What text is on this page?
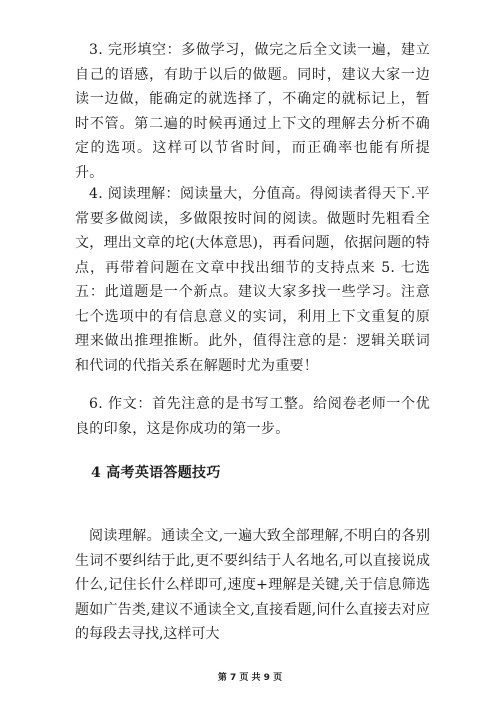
3. 完形填空：多做学习，做完之后全文读一遍，建立自己的语感，有助于以后的做题。同时，建议大家一边读一边做，能确定的就选择了，不确定的就标记上，暂时不管。第二遍的时候再通过上下文的理解去分析不确定的选项。这样可以节省时间，而正确率也能有所提升。

4. 阅读理解：阅读量大，分值高。得阅读者得天下.平常要多做阅读，多做限按时间的阅读。做题时先粗看全文，理出文章的坨(大体意思)，再看问题，依据问题的特点，再带着问题在文章中找出细节的支持点来 5. 七选五：此道题是一个新点。建议大家多找一些学习。注意七个选项中的有信息意义的实词，利用上下文重复的原理来做出推理推断。此外，值得注意的是：逻辑关联词和代词的代指关系在解题时尤为重要！

6. 作文：首先注意的是书写工整。给阅卷老师一个优良的印象，这是你成功的第一步。

4 高考英语答题技巧

阅读理解。通读全文,一遍大致全部理解,不明白的各别生词不要纠结于此,更不要纠结于人名地名,可以直接说成什么,记住长什么样即可,速度+理解是关键,关于信息筛选题如广告类,建议不通读全文,直接看题,问什么直接去对应的每段去寻找,这样可大

第 7 页 共 9 页
